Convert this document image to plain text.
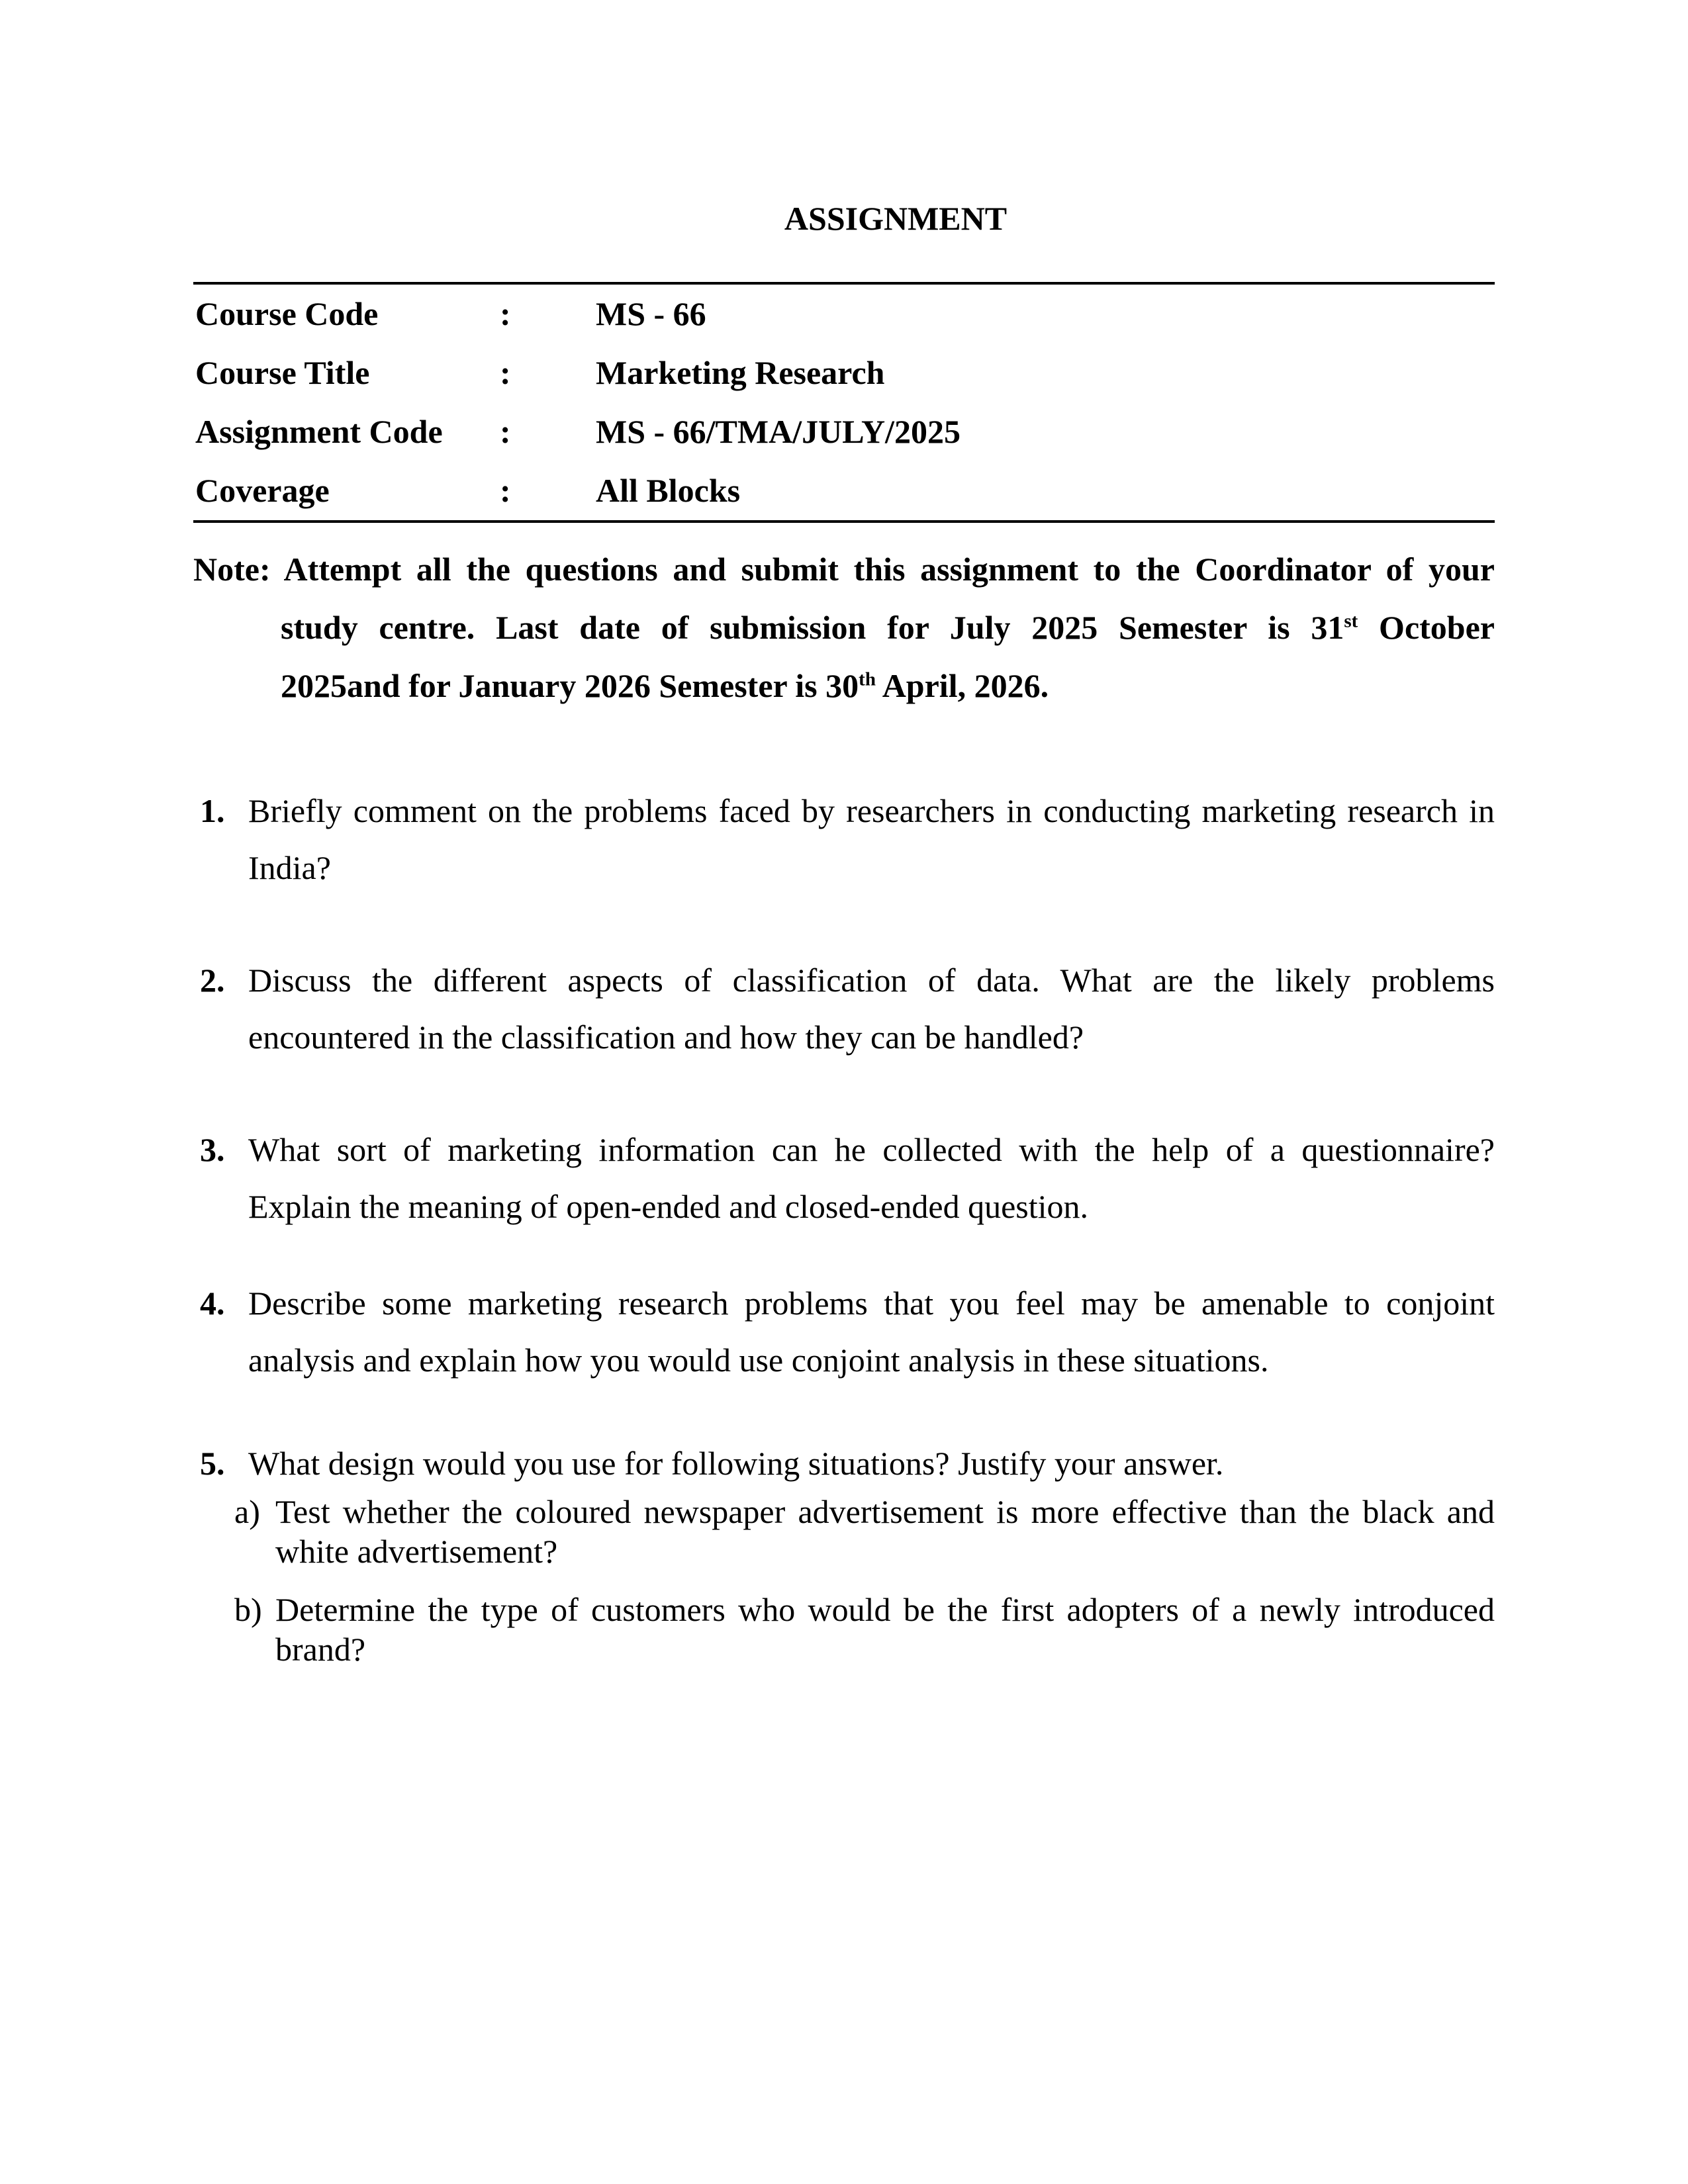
ASSIGNMENT
Course Code	:	MS - 66
Course Title	:	Marketing Research
Assignment Code	:	MS - 66/TMA/JULY/2025
Coverage	:	All Blocks
Note: Attempt all the questions and submit this assignment to the Coordinator of your
study centre. Last date of submission for July 2025 Semester is 31st October
2025and for January 2026 Semester is 30th April, 2026.
1. Briefly comment on the problems faced by researchers in conducting marketing research in
India?
2. Discuss the different aspects of classification of data. What are the likely problems
encountered in the classification and how they can be handled?
3. What sort of marketing information can he collected with the help of a questionnaire?
Explain the meaning of open-ended and closed-ended question.
4. Describe some marketing research problems that you feel may be amenable to conjoint
analysis and explain how you would use conjoint analysis in these situations.
5. What design would you use for following situations? Justify your answer.
a) Test whether the coloured newspaper advertisement is more effective than the black and
white advertisement?
b) Determine the type of customers who would be the first adopters of a newly introduced
brand?
